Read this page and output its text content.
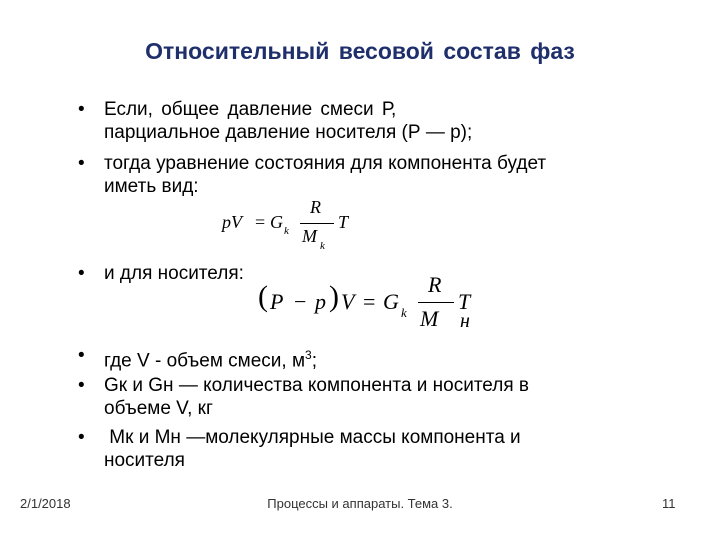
Относительный весовой состав фаз
•	Если, общее давление смеси Р,
парциальное давление носителя (Р — р);
•	тогда уравнение состояния для компонента будет
иметь вид:
pV = G k
R
M k
T
•	и для носителя:
( P − p ) V = G k
R
M
T
н
•	где V - объем смеси, $м^3$;
•	Gк и Gн — количества компонента и носителя в
объеме V, кг
•	Мк и Мн —молекулярные массы компонента и
носителя
2/1/2018	Процессы и аппараты. Тема 3.	11
